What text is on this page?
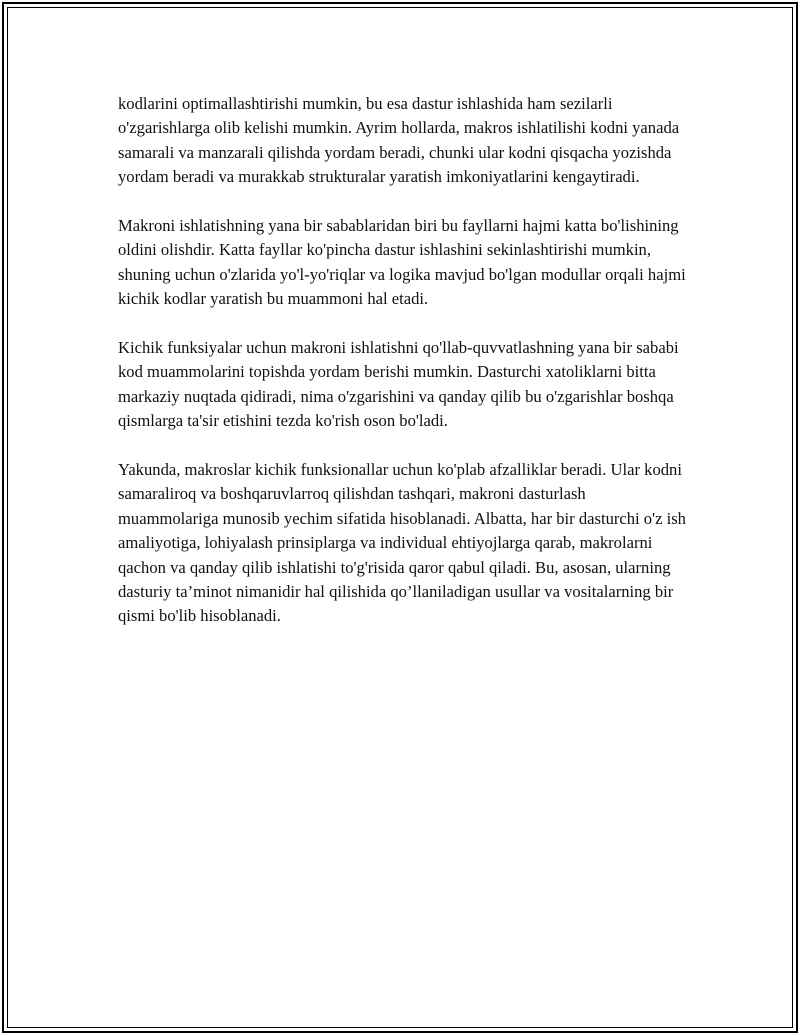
kodlarini optimallashtirishi mumkin, bu esa dastur ishlashida ham sezilarli o'zgarishlarga olib kelishi mumkin. Ayrim hollarda, makros ishlatilishi kodni yanada samarali va manzarali qilishda yordam beradi, chunki ular kodni qisqacha yozishda yordam beradi va murakkab strukturalar yaratish imkoniyatlarini kengaytiradi.

Makroni ishlatishning yana bir sabablaridan biri bu fayllarni hajmi katta bo'lishining oldini olishdir. Katta fayllar ko'pincha dastur ishlashini sekinlashtirishi mumkin, shuning uchun o'zlarida yo'l-yo'riqlar va logika mavjud bo'lgan modullar orqali hajmi kichik kodlar yaratish bu muammoni hal etadi.

Kichik funksiyalar uchun makroni ishlatishni qo'llab-quvvatlashning yana bir sababi kod muammolarini topishda yordam berishi mumkin. Dasturchi xatoliklarni bitta markaziy nuqtada qidiradi, nima o'zgarishini va qanday qilib bu o'zgarishlar boshqa qismlarga ta'sir etishini tezda ko'rish oson bo'ladi.

Yakunda, makroslar kichik funksionallar uchun ko'plab afzalliklar beradi. Ular kodni samaraliroq va boshqaruvlarroq qilishdan tashqari, makroni dasturlash muammolariga munosib yechim sifatida hisoblanadi. Albatta, har bir dasturchi o'z ish amaliyotiga, lohiyalash prinsiplarga va individual ehtiyojlarga qarab, makrolarni qachon va qanday qilib ishlatishi to'g'risida qaror qabul qiladi. Bu, asosan, ularning dasturiy ta’minot nimanidir hal qilishida qo’llaniladigan usullar va vositalarning bir qismi bo'lib hisoblanadi.
